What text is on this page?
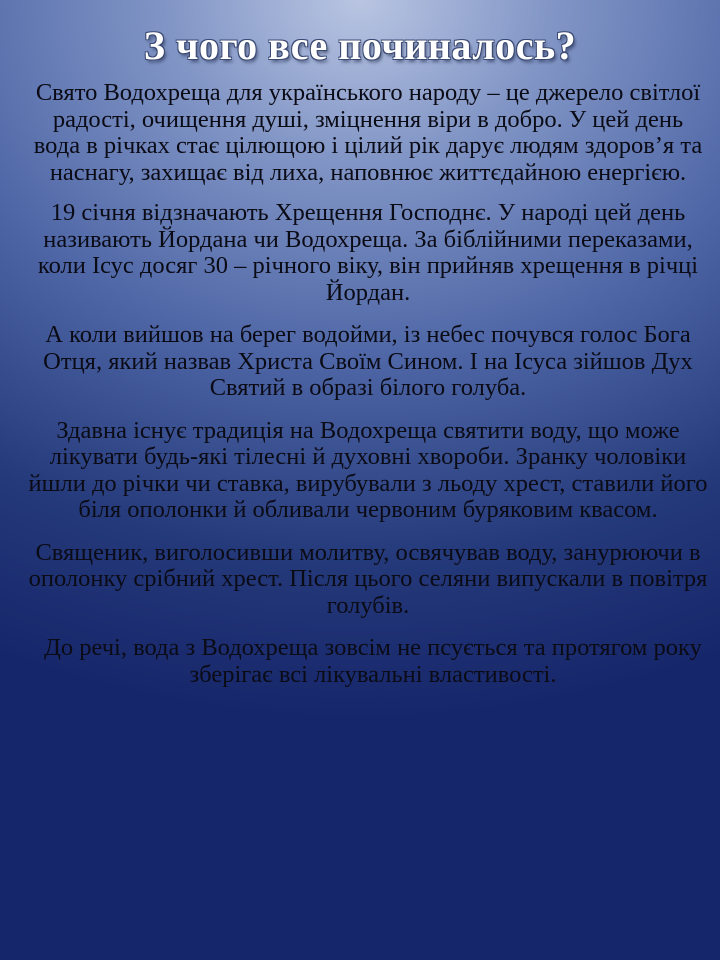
З чого все починалось?

Свято Водохреща для українського народу – це джерело світлої радості, очищення душі, зміцнення віри в добро. У цей день вода в річках стає цілющою і цілий рік дарує людям здоров’я та наснагу, захищає від лиха, наповнює життєдайною енергією.

19 січня відзначають Хрещення Господнє. У народі цей день називають Йордана чи Водохреща. За біблійними переказами, коли Ісус досяг 30 – річного віку, він прийняв хрещення в річці Йордан.

А коли вийшов на берег водойми, із небес почувся голос Бога Отця, який назвав Христа Своїм Сином. І на Ісуса зійшов Дух Святий в образі білого голуба.

Здавна існує традиція на Водохреща святити воду, що може лікувати будь-які тілесні й духовні хвороби. Зранку чоловіки йшли до річки чи ставка, вирубували з льоду хрест, ставили його біля ополонки й обливали червоним буряковим квасом.

Священик, виголосивши молитву, освячував воду, занурюючи в ополонку срібний хрест. Після цього селяни випускали в повітря голубів.

До речі, вода з Водохреща зовсім не псується та протягом року зберігає всі лікувальні властивості.
